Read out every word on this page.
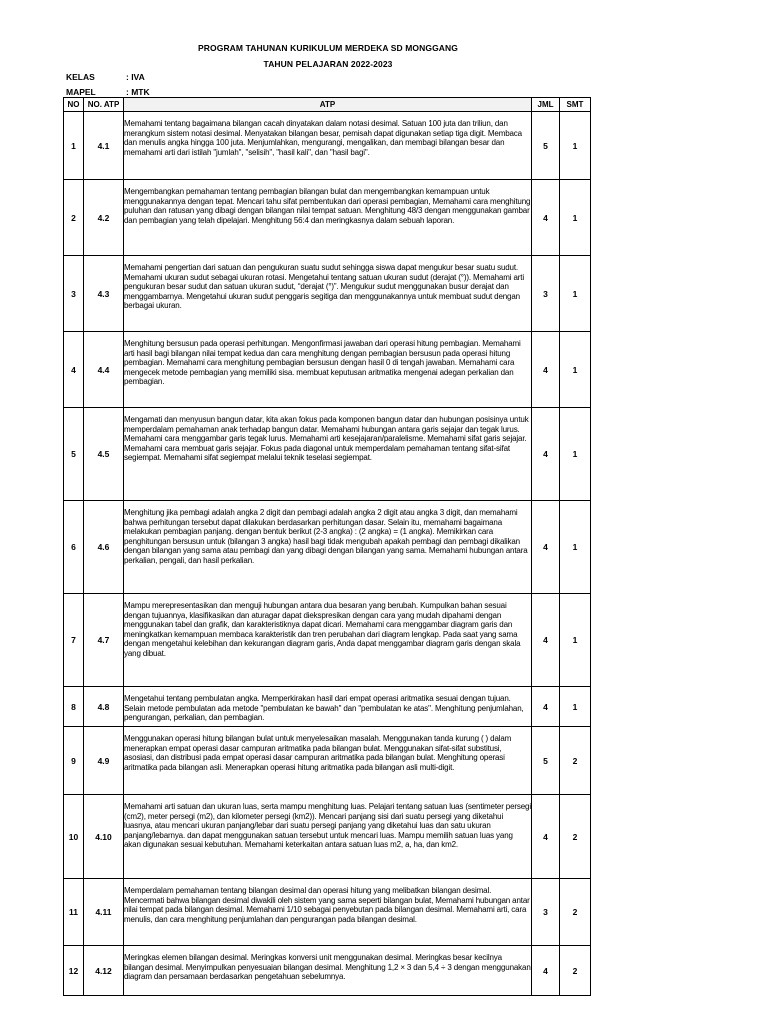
PROGRAM TAHUNAN KURIKULUM MERDEKA SD MONGGANG
TAHUN PELAJARAN 2022-2023
KELAS	: IVA
MAPEL	: MTK
NO	NO. ATP	ATP	JML	SMT
1	4.1	Memahami tentang bagaimana bilangan cacah dinyatakan dalam notasi desimal. Satuan 100 juta dan triliun, dan merangkum sistem notasi desimal. Menyatakan bilangan besar, pemisah dapat digunakan setiap tiga digit. Membaca dan menulis angka hingga 100 juta. Menjumlahkan, mengurangi, mengalikan, dan membagi bilangan besar dan memahami arti dari istilah "jumlah", "selisih", "hasil kali", dan "hasil bagi".	5	1
2	4.2	Mengembangkan pemahaman tentang pembagian bilangan bulat dan mengembangkan kemampuan untuk menggunakannya dengan tepat. Mencari tahu sifat pembentukan dari operasi pembagian, Memahami cara menghitung puluhan dan ratusan yang dibagi dengan bilangan nilai tempat satuan. Menghitung 48/3 dengan menggunakan gambar dan pembagian yang telah dipelajari. Menghitung 56:4 dan meringkasnya dalam sebuah laporan.	4	1
3	4.3	Memahami pengertian dari satuan dan pengukuran suatu sudut sehingga siswa dapat mengukur besar suatu sudut. Memahami ukuran sudut sebagai ukuran rotasi. Mengetahui tentang satuan ukuran sudut (derajat (°)). Memahami arti pengukuran besar sudut dan satuan ukuran sudut, “derajat (°)”. Mengukur sudut menggunakan busur derajat dan menggambarnya. Mengetahui ukuran sudut penggaris segitiga dan menggunakannya untuk membuat sudut dengan berbagai ukuran.	3	1
4	4.4	Menghitung bersusun pada operasi perhitungan. Mengonfirmasi jawaban dari operasi hitung pembagian. Memahami arti hasil bagi bilangan nilai tempat kedua dan cara menghitung dengan pembagian bersusun pada operasi hitung pembagian. Memahami cara menghitung pembagian bersusun dengan hasil 0 di tengah jawaban. Memahami cara mengecek metode pembagian yang memiliki sisa. membuat keputusan aritmatika mengenai adegan perkalian dan pembagian.	4	1
5	4.5	Mengamati dan menyusun bangun datar, kita akan fokus pada komponen bangun datar dan hubungan posisinya untuk memperdalam pemahaman anak terhadap bangun datar. Memahami hubungan antara garis sejajar dan tegak lurus. Memahami cara menggambar garis tegak lurus. Memahami arti kesejajaran/paralelisme. Memahami sifat garis sejajar. Memahami cara membuat garis sejajar. Fokus pada diagonal untuk memperdalam pemahaman tentang sifat-sifat segiempat. Memahami sifat segiempat melalui teknik teselasi segiempat.	4	1
6	4.6	Menghitung jika pembagi adalah angka 2 digit dan pembagi adalah angka 2 digit atau angka 3 digit, dan memahami bahwa perhitungan tersebut dapat dilakukan berdasarkan perhitungan dasar. Selain itu, memahami bagaimana melakukan pembagian panjang. dengan bentuk berikut (2-3 angka) : (2 angka) = (1 angka). Memikirkan cara penghitungan bersusun untuk (bilangan 3 angka) hasil bagi tidak mengubah apakah pembagi dan pembagi dikalikan dengan bilangan yang sama atau pembagi dan yang dibagi dengan bilangan yang sama. Memahami hubungan antara perkalian, pengali, dan hasil perkalian.	4	1
7	4.7	Mampu merepresentasikan dan menguji hubungan antara dua besaran yang berubah. Kumpulkan bahan sesuai dengan tujuannya, klasifikasikan dan aturagar dapat diekspresikan dengan cara yang mudah dipahami dengan menggunakan tabel dan grafik, dan karakteristiknya dapat dicari. Memahami cara menggambar diagram garis dan meningkatkan kemampuan membaca karakteristik dan tren perubahan dari diagram lengkap. Pada saat yang sama dengan mengetahui kelebihan dan kekurangan diagram garis, Anda dapat menggambar diagram garis dengan skala yang dibuat.	4	1
8	4.8	Mengetahui tentang pembulatan angka. Memperkirakan hasil dari empat operasi aritmatika sesuai dengan tujuan. Selain metode pembulatan ada metode "pembulatan ke bawah" dan "pembulatan ke atas". Menghitung penjumlahan, pengurangan, perkalian, dan pembagian.	4	1
9	4.9	Menggunakan operasi hitung bilangan bulat untuk menyelesaikan masalah. Menggunakan tanda kurung ( ) dalam menerapkan empat operasi dasar campuran aritmatika pada bilangan bulat. Menggunakan sifat-sifat substitusi, asosiasi, dan distribusi pada empat operasi dasar campuran aritmatika pada bilangan bulat. Menghitung operasi aritmatika pada bilangan asli. Menerapkan operasi hitung aritmatika pada bilangan asli multi-digit.	5	2
10	4.10	Memahami arti satuan dan ukuran luas, serta mampu menghitung luas. Pelajari tentang satuan luas (sentimeter persegi (cm2), meter persegi (m2), dan kilometer persegi (km2)). Mencari panjang sisi dari suatu persegi yang diketahui luasnya, atau mencari ukuran panjang/lebar dari suatu persegi panjang yang diketahui luas dan satu ukuran panjang/lebarnya. dan dapat menggunakan satuan tersebut untuk mencari luas. Mampu memilih satuan luas yang akan digunakan sesuai kebutuhan. Memahami keterkaitan antara satuan luas m2, a, ha, dan km2.	4	2
11	4.11	Memperdalam pemahaman tentang bilangan desimal dan operasi hitung yang melibatkan bilangan desimal. Mencermati bahwa bilangan desimal diwakili oleh sistem yang sama seperti bilangan bulat, Memahami hubungan antar nilai tempat pada bilangan desimal. Memahami 1/10 sebagai penyebutan pada bilangan desimal. Memahami arti, cara menulis, dan cara menghitung penjumlahan dan pengurangan pada bilangan desimal.	3	2
12	4.12	Meringkas elemen bilangan desimal. Meringkas konversi unit menggunakan desimal. Meringkas besar kecilnya bilangan desimal. Menyimpulkan penyesuaian bilangan desimal. Menghitung 1,2 × 3 dan 5,4 ÷ 3 dengan menggunakan diagram dan persamaan berdasarkan pengetahuan sebelumnya.	4	2
